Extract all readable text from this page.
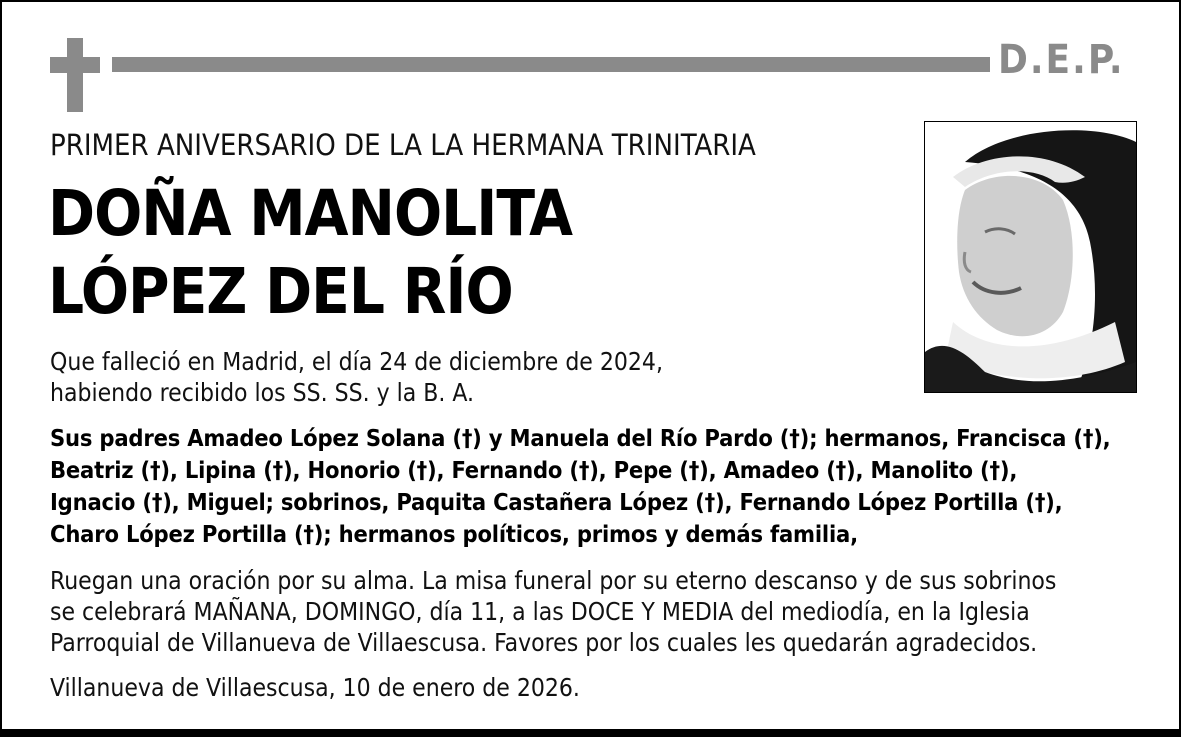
D.E.P.
PRIMER ANIVERSARIO DE LA LA HERMANA TRINITARIA
DOÑA MANOLITA
LÓPEZ DEL RÍO
Que falleció en Madrid, el día 24 de diciembre de 2024,
habiendo recibido los SS. SS. y la B. A.
Sus padres Amadeo López Solana (†) y Manuela del Río Pardo (†); hermanos, Francisca (†),
Beatriz (†), Lipina (†), Honorio (†), Fernando (†), Pepe (†), Amadeo (†), Manolito (†),
Ignacio (†), Miguel; sobrinos, Paquita Castañera López (†), Fernando López Portilla (†),
Charo López Portilla (†); hermanos políticos, primos y demás familia,
Ruegan una oración por su alma. La misa funeral por su eterno descanso y de sus sobrinos
se celebrará MAÑANA, DOMINGO, día 11, a las DOCE Y MEDIA del mediodía, en la Iglesia
Parroquial de Villanueva de Villaescusa. Favores por los cuales les quedarán agradecidos.
Villanueva de Villaescusa, 10 de enero de 2026.
